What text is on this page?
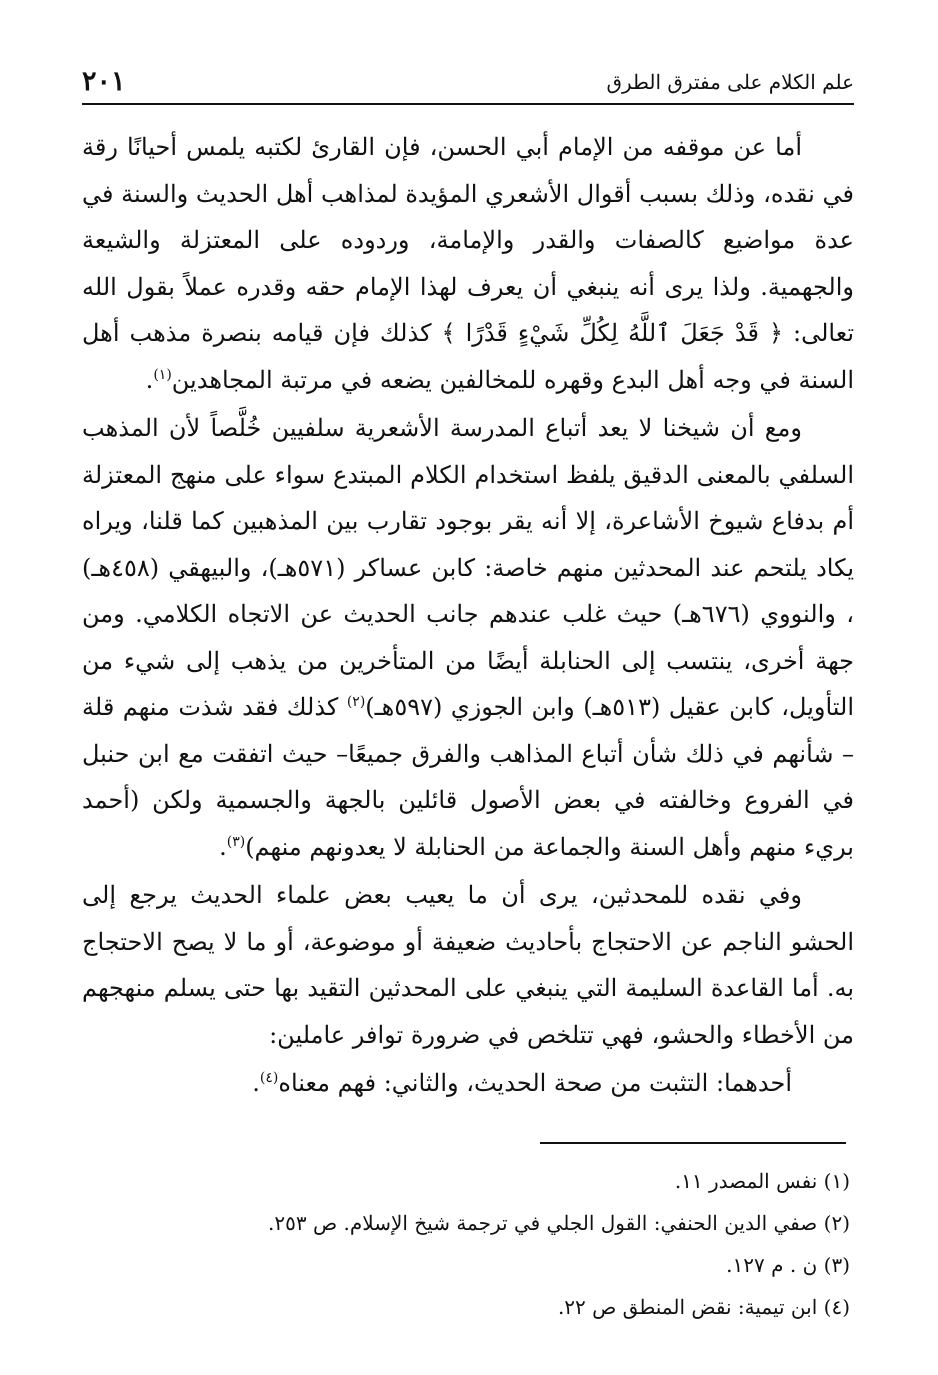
علم الكلام على مفترق الطرق
٢٠١

أما عن موقفه من الإمام أبي الحسن، فإن القارئ لكتبه يلمس أحيانًا رقة في نقده، وذلك بسبب أقوال الأشعري المؤيدة لمذاهب أهل الحديث والسنة في عدة مواضيع كالصفات والقدر والإمامة، وردوده على المعتزلة والشيعة والجهمية. ولذا يرى أنه ينبغي أن يعرف لهذا الإمام حقه وقدره عملاً بقول الله تعالى: ﴿ قَدْ جَعَلَ ٱللَّهُ لِكُلِّ شَيْءٍ قَدْرًا ﴾ كذلك فإن قيامه بنصرة مذهب أهل السنة في وجه أهل البدع وقهره للمخالفين يضعه في مرتبة المجاهدين$^{(١)}$.

ومع أن شيخنا لا يعد أتباع المدرسة الأشعرية سلفيين خُلَّصاً لأن المذهب السلفي بالمعنى الدقيق يلفظ استخدام الكلام المبتدع سواء على منهج المعتزلة أم بدفاع شيوخ الأشاعرة، إلا أنه يقر بوجود تقارب بين المذهبين كما قلنا، ويراه يكاد يلتحم عند المحدثين منهم خاصة: كابن عساكر (٥٧١هـ)، والبيهقي (٤٥٨هـ) ، والنووي (٦٧٦هـ) حيث غلب عندهم جانب الحديث عن الاتجاه الكلامي. ومن جهة أخرى، ينتسب إلى الحنابلة أيضًا من المتأخرين من يذهب إلى شيء من التأويل، كابن عقيل (٥١٣هـ) وابن الجوزي (٥٩٧هـ)$^{(٢)}$ كذلك فقد شذت منهم قلة – شأنهم في ذلك شأن أتباع المذاهب والفرق جميعًا– حيث اتفقت مع ابن حنبل في الفروع وخالفته في بعض الأصول قائلين بالجهة والجسمية ولكن (أحمد بريء منهم وأهل السنة والجماعة من الحنابلة لا يعدونهم منهم)$^{(٣)}$.

وفي نقده للمحدثين، يرى أن ما يعيب بعض علماء الحديث يرجع إلى الحشو الناجم عن الاحتجاج بأحاديث ضعيفة أو موضوعة، أو ما لا يصح الاحتجاج به. أما القاعدة السليمة التي ينبغي على المحدثين التقيد بها حتى يسلم منهجهم من الأخطاء والحشو، فهي تتلخص في ضرورة توافر عاملين:

أحدهما: التثبت من صحة الحديث، والثاني: فهم معناه$^{(٤)}$.

(١) نفس المصدر ١١.
(٢) صفي الدين الحنفي: القول الجلي في ترجمة شيخ الإسلام. ص ٢٥٣.
(٣) ن . م ١٢٧.
(٤) ابن تيمية: نقض المنطق ص ٢٢.
